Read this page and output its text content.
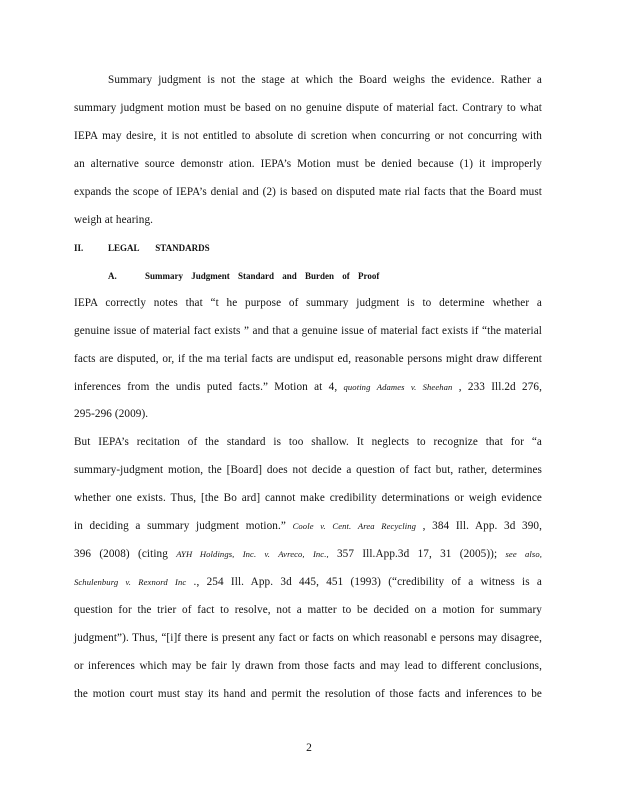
Summary judgment is not the stage at which the Board weighs the evidence. Rather a
summary judgment motion must be based on no genuine dispute of material fact. Contrary to what
IEPA may desire, it is not entitled to absolute di scretion when concurring or not concurring with
an alternative source demonstr ation. IEPA’s Motion must be denied because (1) it improperly
expands the scope of IEPA’s denial and (2) is based on disputed mate rial facts that the Board must
weigh at hearing.
II.	LEGAL STANDARDS
A.	Summary Judgment Standard and Burden of Proof
IEPA correctly notes that “t he purpose of summary judgment is to determine whether a
genuine issue of material fact exists ” and that a genuine issue of material fact exists if “the material
facts are disputed, or, if the ma terial facts are undisput ed, reasonable persons might draw different
inferences from the undis puted facts.” Motion at 4, quoting Adames v. Sheehan , 233 Ill.2d 276,
295-296 (2009).
But IEPA’s recitation of the standard is too shallow. It neglects to recognize that for “a
summary-judgment motion, the [Board] does not decide a question of fact but, rather, determines
whether one exists. Thus, [the Bo ard] cannot make credibility determinations or weigh evidence
in deciding a summary judgment motion.” Coole v. Cent. Area Recycling , 384 Ill. App. 3d 390,
396 (2008) (citing AYH Holdings, Inc. v. Avreco, Inc., 357 Ill.App.3d 17, 31 (2005)); see also,
Schulenburg v. Rexnord Inc ., 254 Ill. App. 3d 445, 451 (1993) (“credibility of a witness is a
question for the trier of fact to resolve, not a matter to be decided on a motion for summary
judgment”). Thus, “[i]f there is present any fact or facts on which reasonabl e persons may disagree,
or inferences which may be fair ly drawn from those facts and may lead to different conclusions,
the motion court must stay its hand and permit the resolution of those facts and inferences to be
2
